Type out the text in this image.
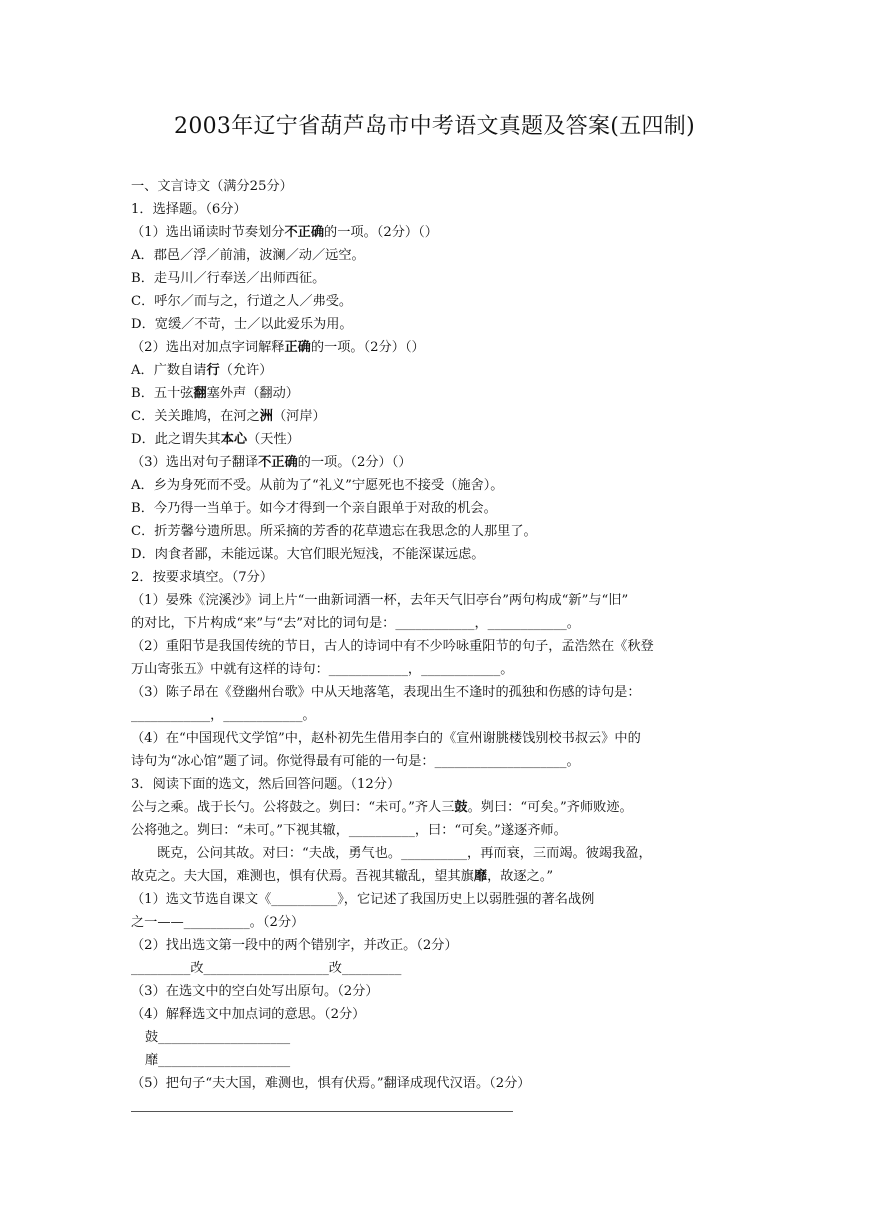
2003年辽宁省葫芦岛市中考语文真题及答案(五四制)
一、文言诗文（满分25分）
1．选择题。（6分）
（1）选出诵读时节奏划分不正确的一项。（2分）（）
A．郡邑／浮／前浦，波澜／动／远空。
B．走马川／行奉送／出师西征。
C．呼尔／而与之，行道之人／弗受。
D．宽缓／不苛，士／以此爱乐为用。
（2）选出对加点字词解释正确的一项。（2分）（）
A．广数自请行（允许）
B．五十弦翻塞外声（翻动）
C．关关雎鸠，在河之洲（河岸）
D．此之谓失其本心（天性）
（3）选出对句子翻译不正确的一项。（2分）（）
A．乡为身死而不受。从前为了“礼义”宁愿死也不接受（施舍）。
B．今乃得一当单于。如今才得到一个亲自跟单于对敌的机会。
C．折芳馨兮遗所思。所采摘的芳香的花草遗忘在我思念的人那里了。
D．肉食者鄙，未能远谋。大官们眼光短浅，不能深谋远虑。
2．按要求填空。（7分）
（1）晏殊《浣溪沙》词上片“一曲新词酒一杯，去年天气旧亭台”两句构成“新”与“旧”
的对比，下片构成“来”与“去”对比的词句是：____________，____________。
（2）重阳节是我国传统的节日，古人的诗词中有不少吟咏重阳节的句子，孟浩然在《秋登
万山寄张五》中就有这样的诗句：____________，____________。
（3）陈子昂在《登幽州台歌》中从天地落笔，表现出生不逢时的孤独和伤感的诗句是：
____________，____________。
（4）在“中国现代文学馆”中，赵朴初先生借用李白的《宣州谢朓楼饯别校书叔云》中的
诗句为“冰心馆”题了词。你觉得最有可能的一句是：____________________。
3．阅读下面的选文，然后回答问题。（12分）
公与之乘。战于长勺。公将鼓之。刿曰：“未可。”齐人三鼓。刿曰：“可矣。”齐师败迹。
公将弛之。刿曰：“未可。”下视其辙，__________，曰：“可矣。”遂逐齐师。
既克，公问其故。对曰：“夫战，勇气也。__________，再而衰，三而竭。彼竭我盈，
故克之。夫大国，难测也，惧有伏焉。吾视其辙乱，望其旗靡，故逐之。”
（1）选文节选自课文《__________》，它记述了我国历史上以弱胜强的著名战例
之一——__________。（2分）
（2）找出选文第一段中的两个错别字，并改正。（2分）
_________改___________________改_________
（3）在选文中的空白处写出原句。（2分）
（4）解释选文中加点词的意思。（2分）
鼓____________________
靡____________________
（5）把句子“夫大国，难测也，惧有伏焉。”翻译成现代汉语。（2分）
